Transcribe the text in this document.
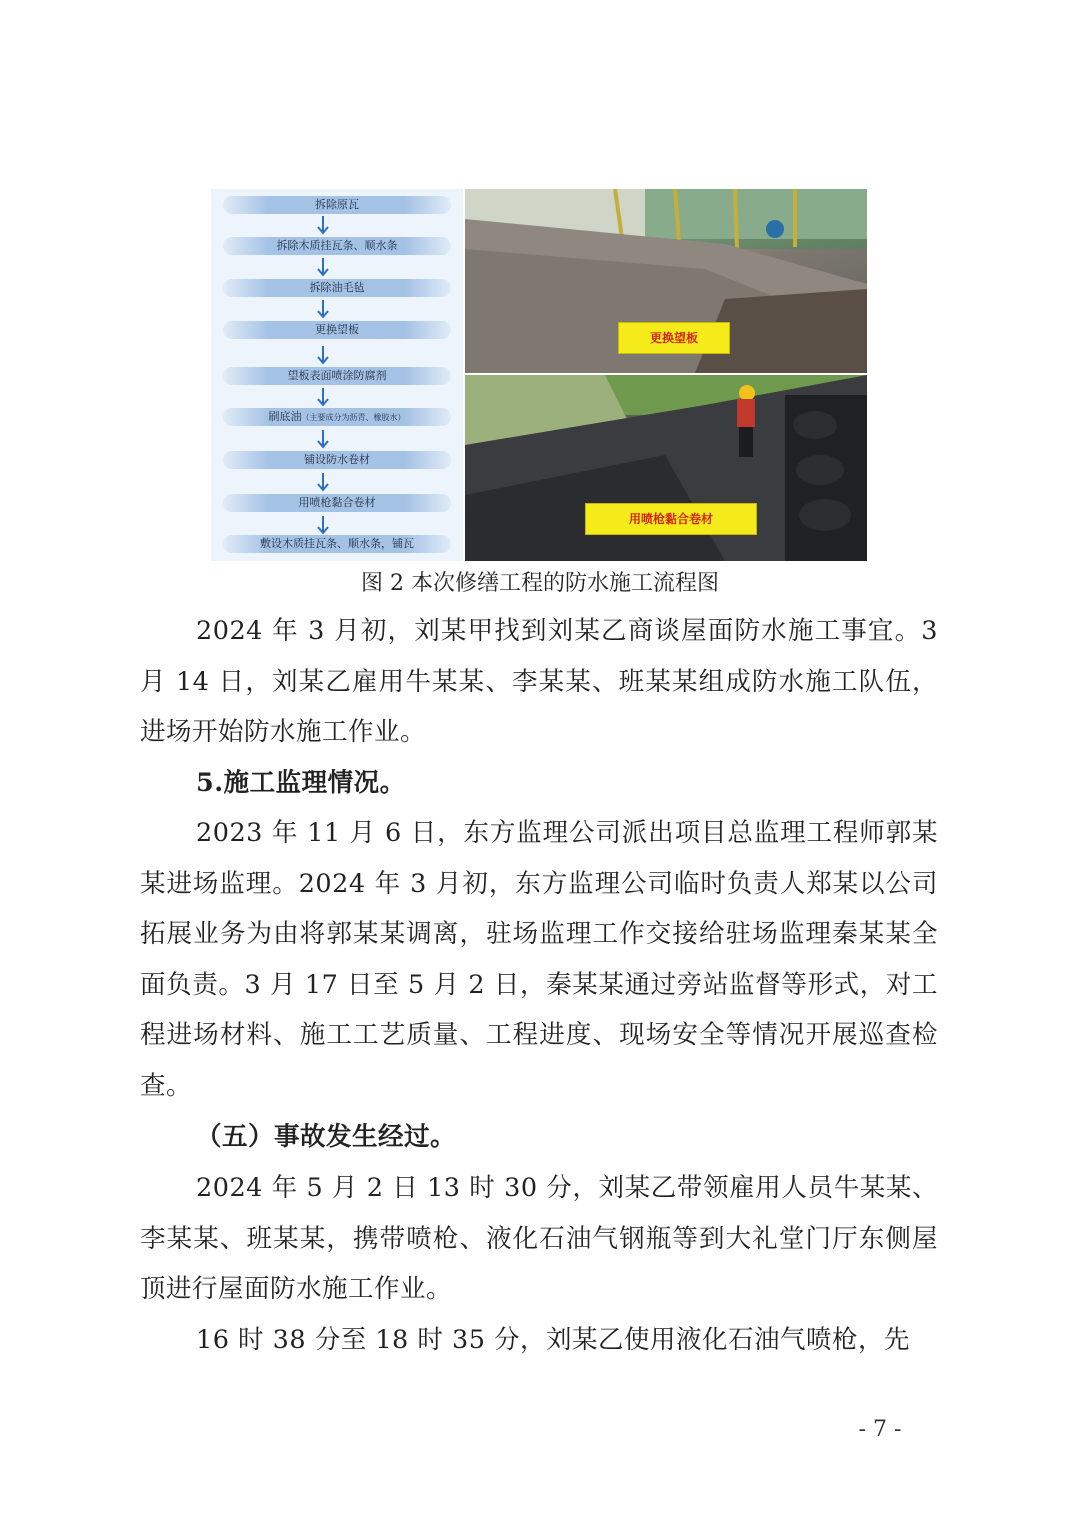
拆除原瓦
拆除木质挂瓦条、顺水条
拆除油毛毡
更换望板
望板表面喷涂防腐剂
刷底油（主要成分为沥青、橡胶水）
铺设防水卷材
用喷枪黏合卷材
敷设木质挂瓦条、顺水条，铺瓦
更换望板
用喷枪黏合卷材
图 2 本次修缮工程的防水施工流程图
2024 年 3 月初，刘某甲找到刘某乙商谈屋面防水施工事宜。3 月 14 日，刘某乙雇用牛某某、李某某、班某某组成防水施工队伍，进场开始防水施工作业。
5.施工监理情况。
2023 年 11 月 6 日，东方监理公司派出项目总监理工程师郭某某进场监理。2024 年 3 月初，东方监理公司临时负责人郑某以公司拓展业务为由将郭某某调离，驻场监理工作交接给驻场监理秦某某全面负责。3 月 17 日至 5 月 2 日，秦某某通过旁站监督等形式，对工程进场材料、施工工艺质量、工程进度、现场安全等情况开展巡查检查。
（五）事故发生经过。
2024 年 5 月 2 日 13 时 30 分，刘某乙带领雇用人员牛某某、李某某、班某某，携带喷枪、液化石油气钢瓶等到大礼堂门厅东侧屋顶进行屋面防水施工作业。
16 时 38 分至 18 时 35 分，刘某乙使用液化石油气喷枪，先
- 7 -
